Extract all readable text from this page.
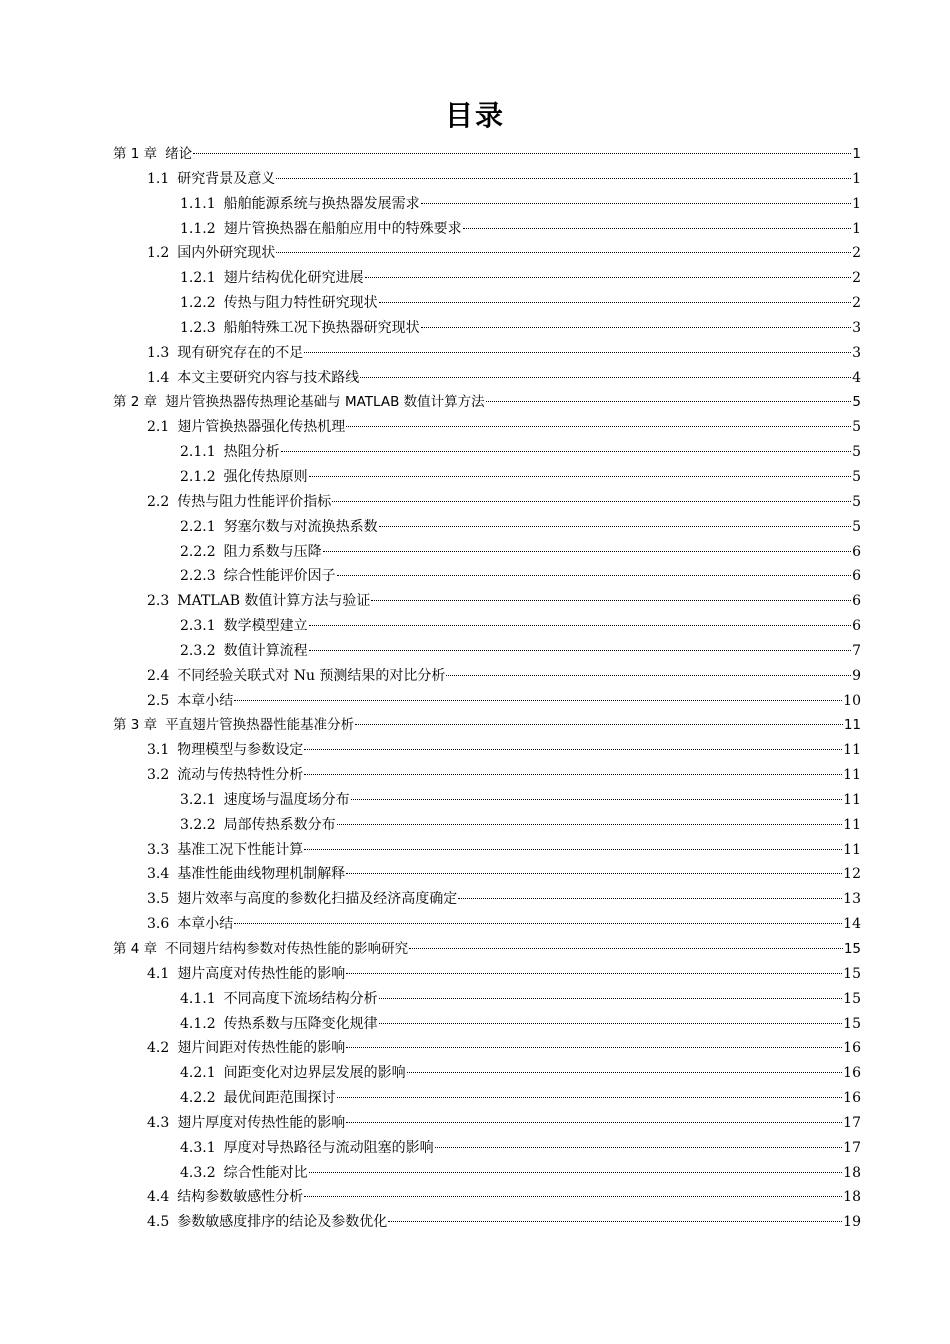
目录
第 1 章 绪论	1
1.1 研究背景及意义	1
1.1.1 船舶能源系统与换热器发展需求	1
1.1.2 翅片管换热器在船舶应用中的特殊要求	1
1.2 国内外研究现状	2
1.2.1 翅片结构优化研究进展	2
1.2.2 传热与阻力特性研究现状	2
1.2.3 船舶特殊工况下换热器研究现状	3
1.3 现有研究存在的不足	3
1.4 本文主要研究内容与技术路线	4
第 2 章 翅片管换热器传热理论基础与 MATLAB 数值计算方法	5
2.1 翅片管换热器强化传热机理	5
2.1.1 热阻分析	5
2.1.2 强化传热原则	5
2.2 传热与阻力性能评价指标	5
2.2.1 努塞尔数与对流换热系数	5
2.2.2 阻力系数与压降	6
2.2.3 综合性能评价因子	6
2.3 MATLAB 数值计算方法与验证	6
2.3.1 数学模型建立	6
2.3.2 数值计算流程	7
2.4 不同经验关联式对 Nu 预测结果的对比分析	9
2.5 本章小结	10
第 3 章 平直翅片管换热器性能基准分析	11
3.1 物理模型与参数设定	11
3.2 流动与传热特性分析	11
3.2.1 速度场与温度场分布	11
3.2.2 局部传热系数分布	11
3.3 基准工况下性能计算	11
3.4 基准性能曲线物理机制解释	12
3.5 翅片效率与高度的参数化扫描及经济高度确定	13
3.6 本章小结	14
第 4 章 不同翅片结构参数对传热性能的影响研究	15
4.1 翅片高度对传热性能的影响	15
4.1.1 不同高度下流场结构分析	15
4.1.2 传热系数与压降变化规律	15
4.2 翅片间距对传热性能的影响	16
4.2.1 间距变化对边界层发展的影响	16
4.2.2 最优间距范围探讨	16
4.3 翅片厚度对传热性能的影响	17
4.3.1 厚度对导热路径与流动阻塞的影响	17
4.3.2 综合性能对比	18
4.4 结构参数敏感性分析	18
4.5 参数敏感度排序的结论及参数优化	19
